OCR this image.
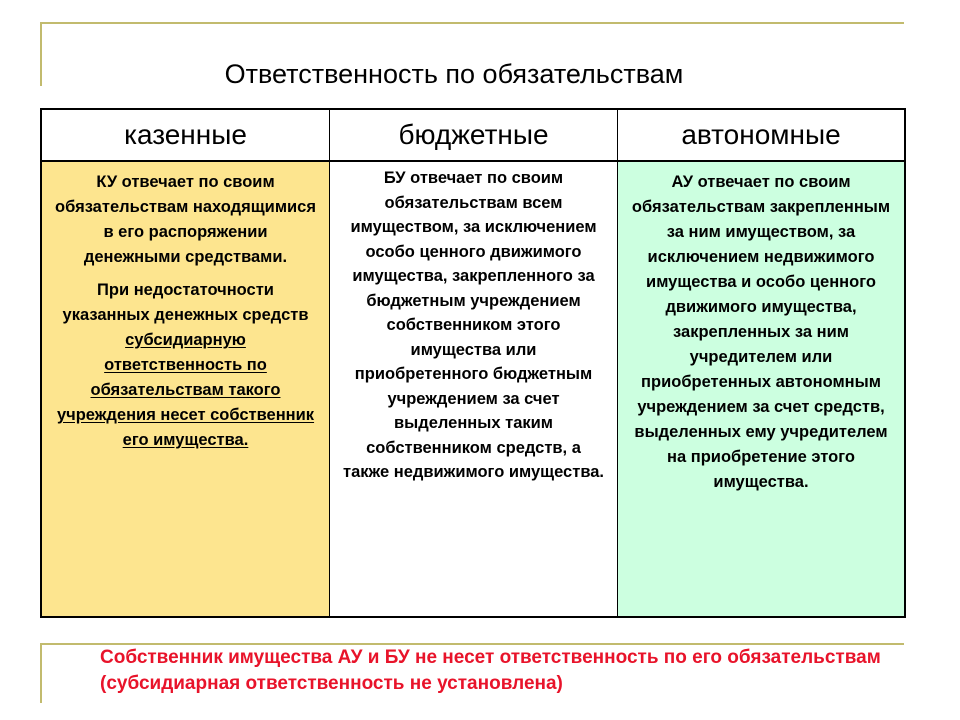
Ответственность по обязательствам
казенные	бюджетные	автономные

КУ отвечает по своим обязательствам находящимися в его распоряжении денежными средствами.

При недостаточности указанных денежных средств субсидиарную ответственность по обязательствам такого учреждения несет собственник его имущества.

БУ отвечает по своим обязательствам всем имуществом, за исключением особо ценного движимого имущества, закрепленного за бюджетным учреждением собственником этого имущества или приобретенного бюджетным учреждением за счет выделенных таким собственником средств, а также недвижимого имущества.
АУ отвечает по своим обязательствам закрепленным за ним имуществом, за исключением недвижимого имущества и особо ценного движимого имущества, закрепленных за ним учредителем или приобретенных автономным учреждением за счет средств, выделенных ему учредителем на приобретение этого имущества.

Собственник имущества АУ и БУ не несет ответственность по его обязательствам (субсидиарная ответственность не установлена)
